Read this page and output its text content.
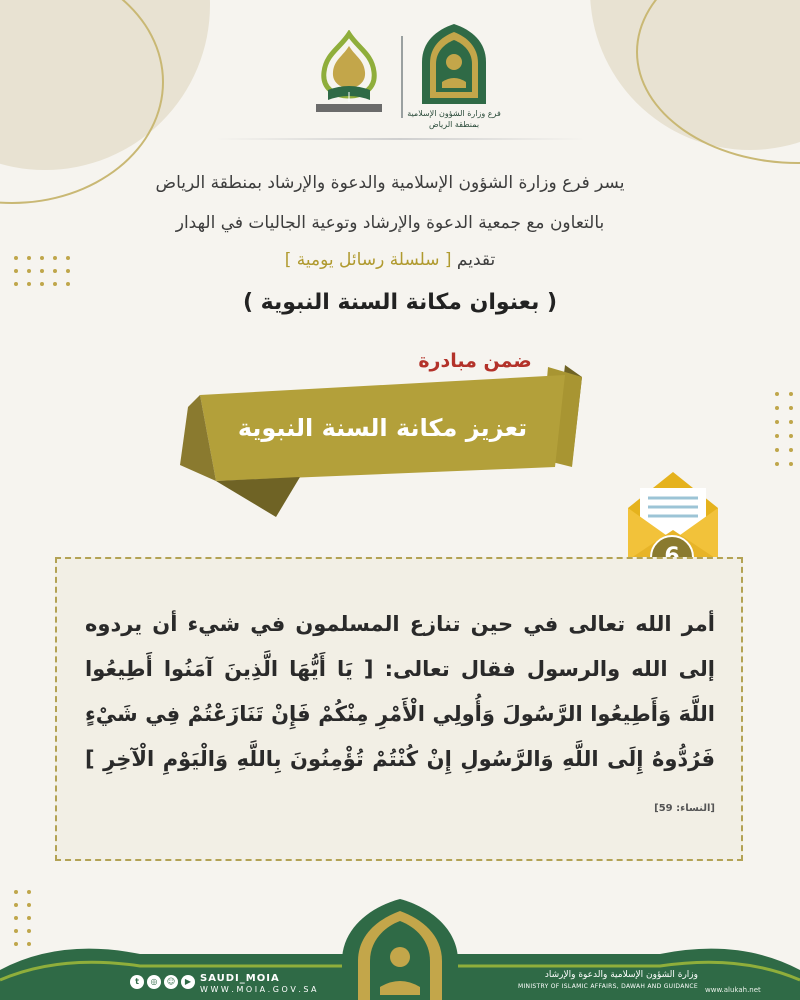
فرع وزارة الشؤون الإسلامية
بمنطقة الرياض
يسر فرع وزارة الشؤون الإسلامية والدعوة والإرشاد بمنطقة الرياض
بالتعاون مع جمعية الدعوة والإرشاد وتوعية الجاليات في الهدار
تقديم [ سلسلة رسائل يومية ]
( بعنوان مكانة السنة النبوية )
ضمن مبادرة
تعزيز مكانة السنة النبوية
أمر الله تعالى في حين تنازع المسلمون في شيء أن يردوه إلى الله والرسول فقال تعالى: [ يَا أَيُّهَا الَّذِينَ آمَنُوا أَطِيعُوا اللَّهَ وَأَطِيعُوا الرَّسُولَ وَأُولِي الْأَمْرِ مِنْكُمْ فَإِنْ تَنَازَعْتُمْ فِي شَيْءٍ فَرُدُّوهُ إِلَى اللَّهِ وَالرَّسُولِ إِنْ كُنْتُمْ تُؤْمِنُونَ بِاللَّهِ وَالْيَوْمِ الْآخِرِ ] [النساء: 59]
t	◎	☺	▶ SAUDI_MOIA
W W W . M O I A . G O V . S A
وزارة الشؤون الإسلامية والدعوة والإرشاد
MINISTRY OF ISLAMIC AFFAIRS, DAWAH AND GUIDANCE www.alukah.net
